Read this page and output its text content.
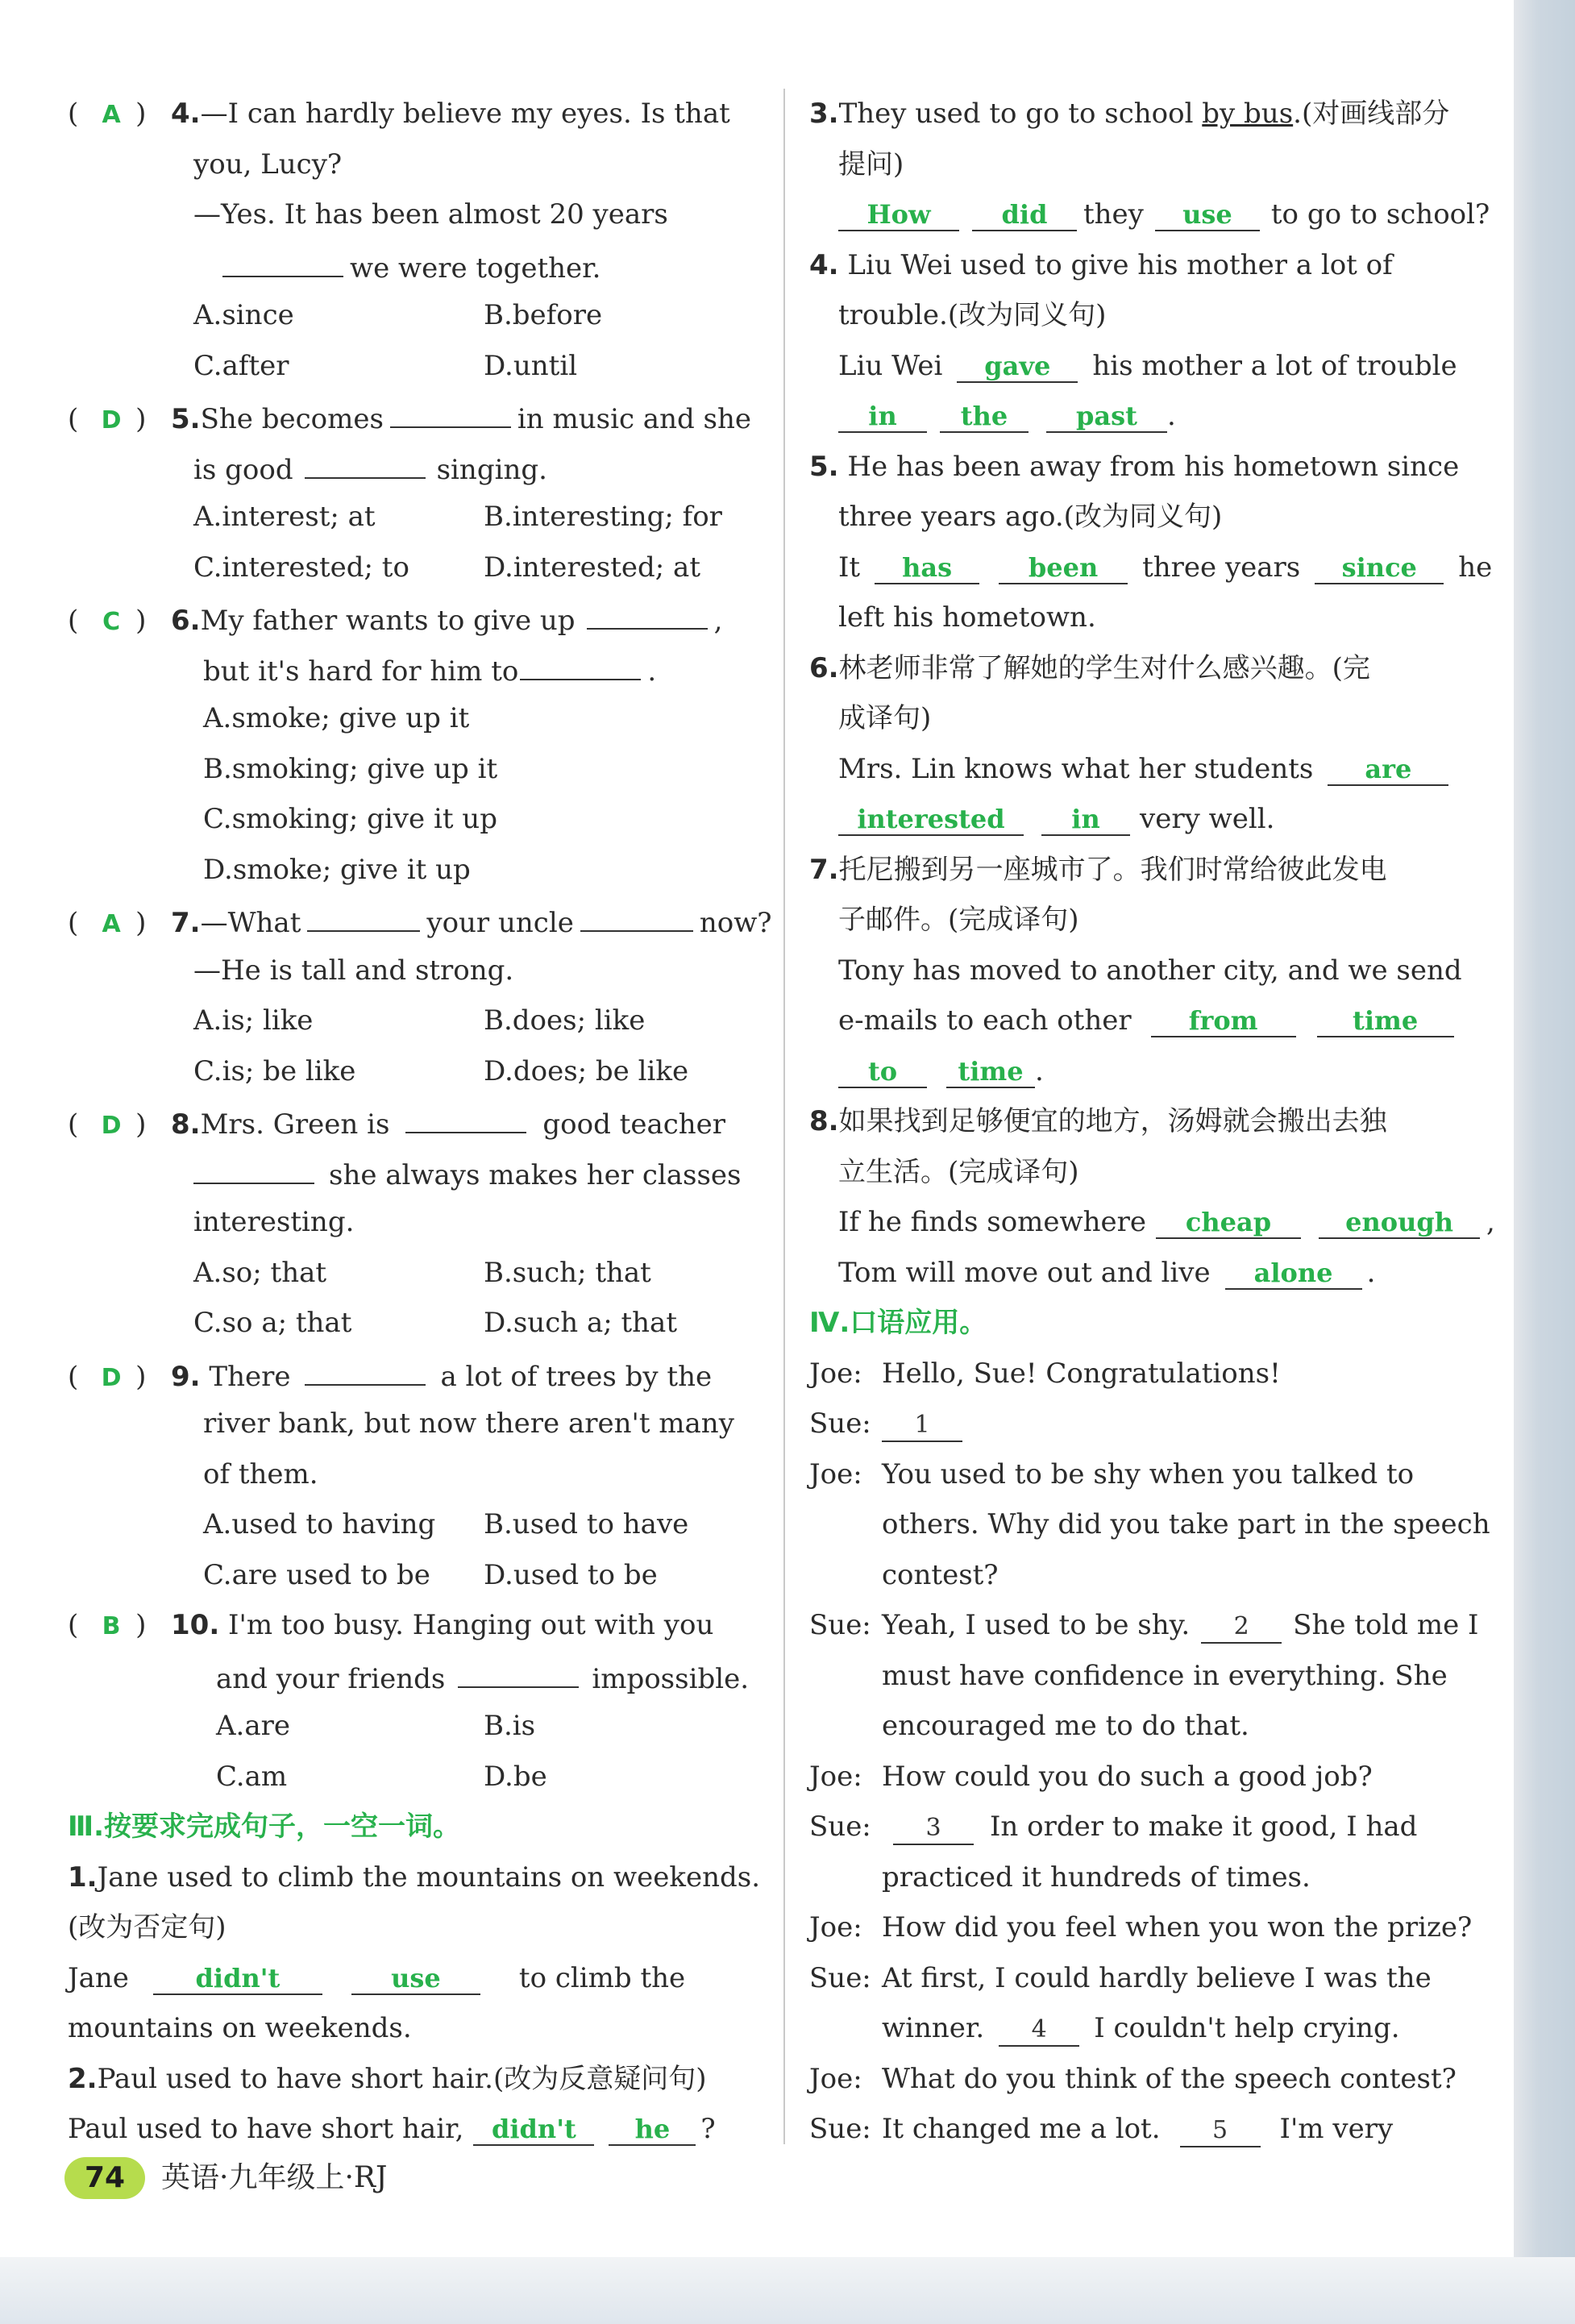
( A ) 4.—I can hardly believe my eyes. Is that
you, Lucy?
—Yes. It has been almost 20 years
we were together.
A.since	B.before
C.after	D.until
( D ) 5.She becomes	in music and she
is good	singing.
A.interest; at	B.interesting; for
C.interested; to	D.interested; at
( C ) 6.My father wants to give up	,
but it's hard for him to	.
A.smoke; give up it
B.smoking; give up it
C.smoking; give it up
D.smoke; give it up
( A ) 7.—What	your uncle	now?
—He is tall and strong.
A.is; like	B.does; like
C.is; be like	D.does; be like
( D ) 8.Mrs. Green is	good teacher
she always makes her classes
interesting.
A.so; that	B.such; that
C.so a; that	D.such a; that
( D ) 9. There	a lot of trees by the
river bank, but now there aren't many
of them.
A.used to having B.used to have
C.are used to be D.used to be
( B ) 10. I'm too busy. Hanging out with you
and your friends	impossible.
A.are	B.is
C.am	D.be
Ⅲ.按要求完成句子，一空一词。
1.Jane used to climb the mountains on weekends.
(改为否定句)
Jane	didn't	use	to climb the
mountains on weekends.
2.Paul used to have short hair.(改为反意疑问句)
Paul used to have short hair, didn't he ?
3.They used to go to school by bus.(对画线部分
提问)
How	did they use to go to school?
4. Liu Wei used to give his mother a lot of
trouble.(改为同义句)
Liu Wei gave his mother a lot of trouble
in the	past .
5. He has been away from his hometown since
three years ago.(改为同义句)
It has	been three years since he
left his hometown.
6.林老师非常了解她的学生对什么感兴趣。(完
成译句)
Mrs. Lin knows what her students are
interested	in very well.
7.托尼搬到另一座城市了。我们时常给彼此发电
子邮件。(完成译句)
Tony has moved to another city, and we send
e-mails to each other from	time
to time .
8.如果找到足够便宜的地方，汤姆就会搬出去独
立生活。(完成译句)
If he finds somewhere cheap	enough ,
Tom will move out and live alone .
Ⅳ.口语应用。
Joe: Hello, Sue! Congratulations!
Sue: 1
Joe: You used to be shy when you talked to
others. Why did you take part in the speech
contest?
Sue: Yeah, I used to be shy. 2 She told me I
must have confidence in everything. She
encouraged me to do that.
Joe: How could you do such a good job?
Sue: 3 In order to make it good, I had
practiced it hundreds of times.
Joe: How did you feel when you won the prize?
Sue: At first, I could hardly believe I was the
winner. 4 I couldn't help crying.
Joe: What do you think of the speech contest?
Sue: It changed me a lot. 5 I'm very
74 英语·九年级上·RJ
